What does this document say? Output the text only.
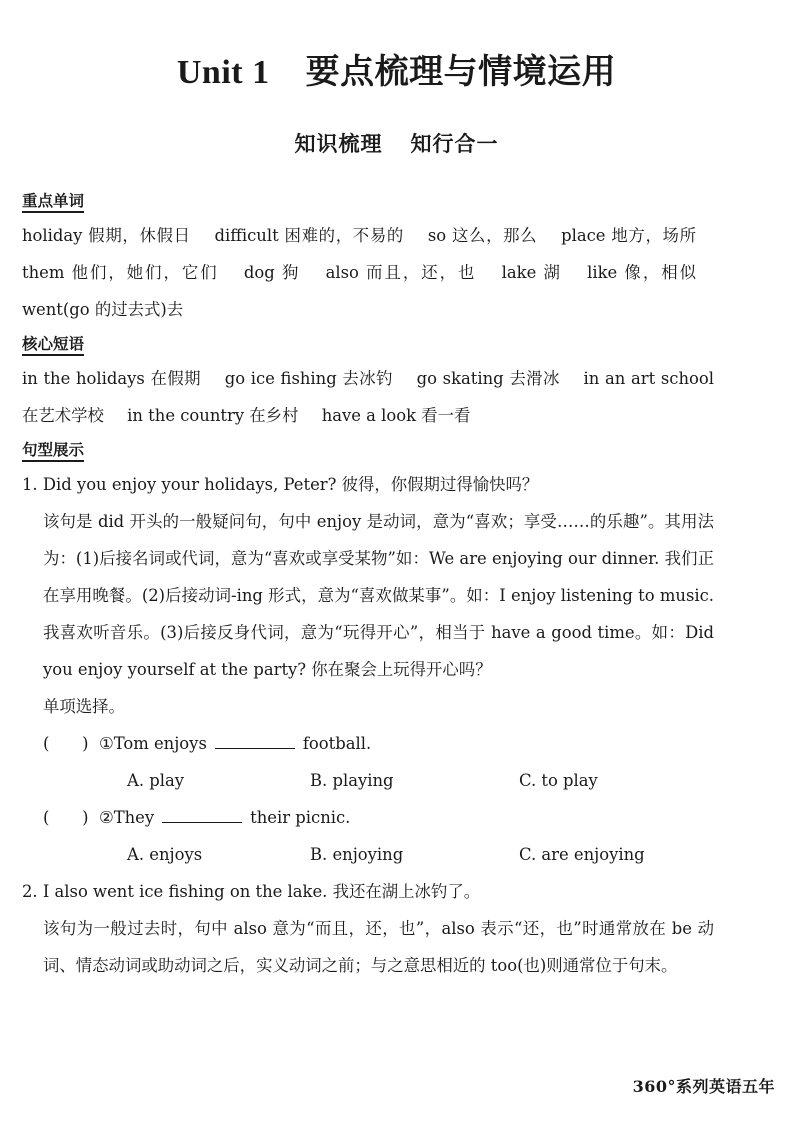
Unit 1 要点梳理与情境运用
知识梳理 知行合一
重点单词
holiday 假期，休假日 difficult 困难的，不易的 so 这么，那么 place 地方，场所 them 他们，她们，它们 dog 狗 also 而且，还，也 lake 湖 like 像，相似 went(go 的过去式)去
核心短语
in the holidays 在假期 go ice fishing 去冰钓 go skating 去滑冰 in an art school 在艺术学校 in the country 在乡村 have a look 看一看
句型展示
1. Did you enjoy your holidays, Peter? 彼得，你假期过得愉快吗？
该句是 did 开头的一般疑问句，句中 enjoy 是动词，意为“喜欢；享受……的乐趣”。其用法为：(1)后接名词或代词，意为“喜欢或享受某物”如：We are enjoying our dinner. 我们正在享用晚餐。(2)后接动词-ing 形式，意为“喜欢做某事”。如：I enjoy listening to music. 我喜欢听音乐。(3)后接反身代词，意为“玩得开心”，相当于 have a good time。如：Did you enjoy yourself at the party? 你在聚会上玩得开心吗？
单项选择。
(　　) ①Tom enjoys	football.
A. play	B. playing	C. to play
(　　) ②They	their picnic.
A. enjoys	B. enjoying	C. are enjoying
2. I also went ice fishing on the lake. 我还在湖上冰钓了。
该句为一般过去时，句中 also 意为“而且，还，也”，also 表示“还，也”时通常放在 be 动词、情态动词或助动词之后，实义动词之前；与之意思相近的 too(也)则通常位于句末。
360°系列英语五年
